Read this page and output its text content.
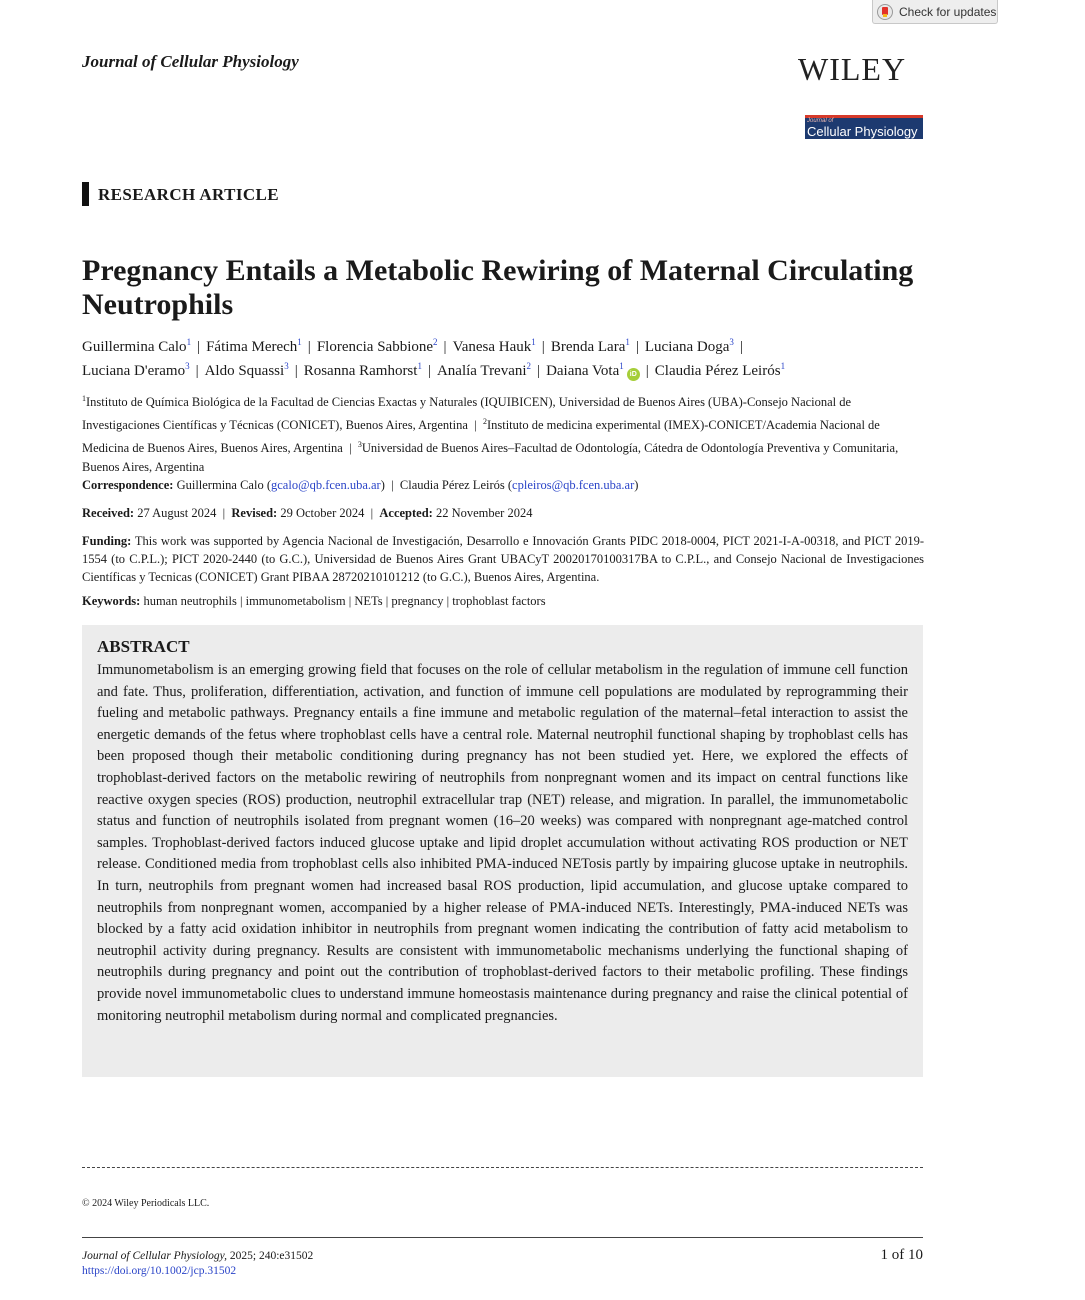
Check for updates
Journal of Cellular Physiology	WILEY
Journal of
Cellular Physiology
RESEARCH ARTICLE
Pregnancy Entails a Metabolic Rewiring of Maternal Circulating Neutrophils
Guillermina Calo$^1$ | Fátima Merech$^1$ | Florencia Sabbione$^2$ | Vanesa Hauk$^1$ | Brenda Lara$^1$ | Luciana Doga$^3$ |
Luciana D'eramo$^3$ | Aldo Squassi$^3$ | Rosanna Ramhorst$^1$ | Analía Trevani$^2$ | Daiana Vota$^1$iD | Claudia Pérez Leirós$^1$
$^1$Instituto de Química Biológica de la Facultad de Ciencias Exactas y Naturales (IQUIBICEN), Universidad de Buenos Aires (UBA)-Consejo Nacional de Investigaciones Científicas y Técnicas (CONICET), Buenos Aires, Argentina  |  $^2$Instituto de medicina experimental (IMEX)-CONICET/Academia Nacional de Medicina de Buenos Aires, Buenos Aires, Argentina  |  $^3$Universidad de Buenos Aires–Facultad de Odontología, Cátedra de Odontología Preventiva y Comunitaria, Buenos Aires, Argentina
Correspondence: Guillermina Calo (gcalo@qb.fcen.uba.ar)  |  Claudia Pérez Leirós (cpleiros@qb.fcen.uba.ar)
Received: 27 August 2024  |  Revised: 29 October 2024  |  Accepted: 22 November 2024
Funding: This work was supported by Agencia Nacional de Investigación, Desarrollo e Innovación Grants PIDC 2018-0004, PICT 2021-I-A-00318, and PICT 2019-1554 (to C.P.L.); PICT 2020-2440 (to G.C.), Universidad de Buenos Aires Grant UBACyT 20020170100317BA to C.P.L., and Consejo Nacional de Investigaciones Científicas y Tecnicas (CONICET) Grant PIBAA 28720210101212 (to G.C.), Buenos Aires, Argentina.
Keywords: human neutrophils | immunometabolism | NETs | pregnancy | trophoblast factors
ABSTRACT

Immunometabolism is an emerging growing field that focuses on the role of cellular metabolism in the regulation of immune cell function and fate. Thus, proliferation, differentiation, activation, and function of immune cell populations are modulated by reprogramming their fueling and metabolic pathways. Pregnancy entails a fine immune and metabolic regulation of the maternal–fetal interaction to assist the energetic demands of the fetus where trophoblast cells have a central role. Maternal neutrophil functional shaping by trophoblast cells has been proposed though their metabolic conditioning during pregnancy has not been studied yet. Here, we explored the effects of trophoblast-derived factors on the metabolic rewiring of neutrophils from nonpregnant women and its impact on central functions like reactive oxygen species (ROS) production, neutrophil extracellular trap (NET) release, and migration. In parallel, the immunometabolic status and function of neutrophils isolated from pregnant women (16–20 weeks) was compared with nonpregnant age-matched control samples. Trophoblast-derived factors induced glucose uptake and lipid droplet accumulation without activating ROS production or NET release. Conditioned media from trophoblast cells also inhibited PMA-induced NETosis partly by impairing glucose uptake in neutrophils. In turn, neutrophils from pregnant women had increased basal ROS production, lipid accumulation, and glucose uptake compared to neutrophils from nonpregnant women, accompanied by a higher release of PMA-induced NETs. Interestingly, PMA-induced NETs was blocked by a fatty acid oxidation inhibitor in neutrophils from pregnant women indicating the contribution of fatty acid metabolism to neutrophil activity during pregnancy. Results are consistent with immunometabolic mechanisms underlying the functional shaping of neutrophils during pregnancy and point out the contribution of trophoblast-derived factors to their metabolic profiling. These findings provide novel immunometabolic clues to understand immune homeostasis maintenance during pregnancy and raise the clinical potential of monitoring neutrophil metabolism during normal and complicated pregnancies.

© 2024 Wiley Periodicals LLC.
Journal of Cellular Physiology, 2025; 240:e31502
https://doi.org/10.1002/jcp.31502
1 of 10
